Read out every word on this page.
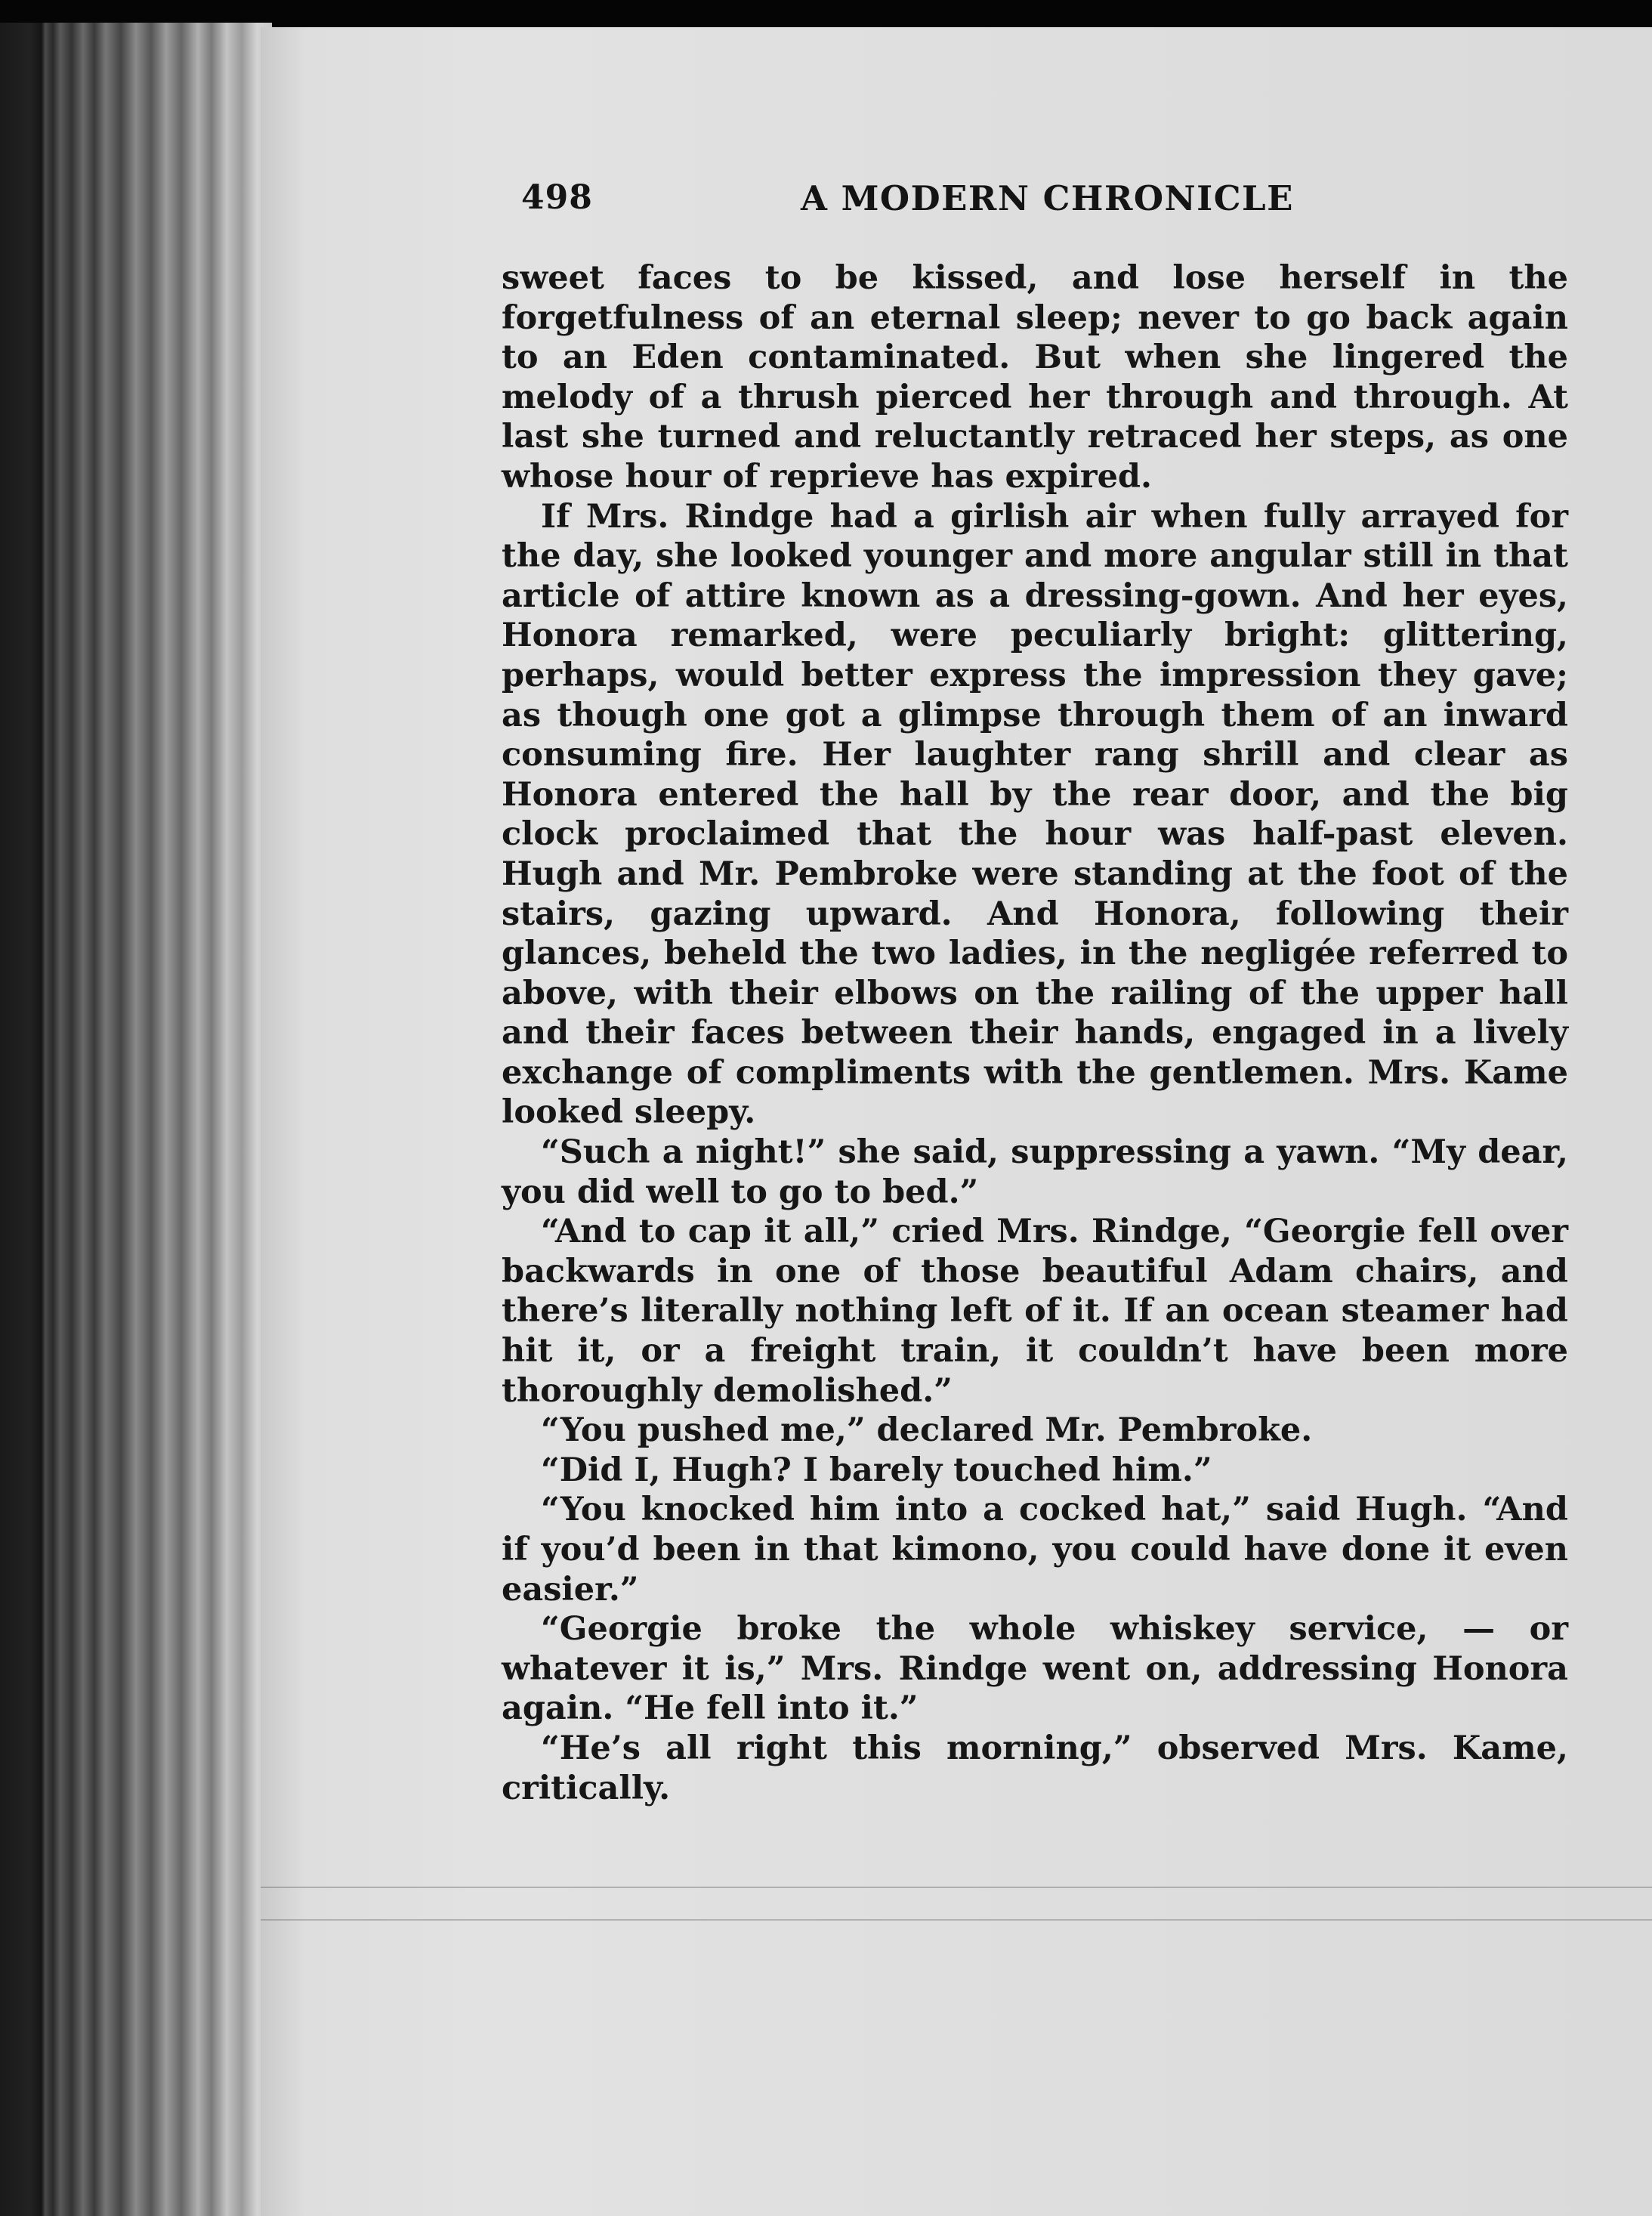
498	A MODERN CHRONICLE

sweet faces to be kissed, and lose herself in the forgetfulness of an eternal sleep; never to go back again to an Eden contaminated. But when she lingered the melody of a thrush pierced her through and through. At last she turned and reluctantly retraced her steps, as one whose hour of reprieve has expired.

If Mrs. Rindge had a girlish air when fully arrayed for the day, she looked younger and more angular still in that article of attire known as a dressing-gown. And her eyes, Honora remarked, were peculiarly bright: glittering, perhaps, would better express the impression they gave; as though one got a glimpse through them of an inward consuming fire. Her laughter rang shrill and clear as Honora entered the hall by the rear door, and the big clock proclaimed that the hour was half-past eleven. Hugh and Mr. Pembroke were standing at the foot of the stairs, gazing upward. And Honora, following their glances, beheld the two ladies, in the negligée referred to above, with their elbows on the railing of the upper hall and their faces between their hands, engaged in a lively exchange of compliments with the gentlemen. Mrs. Kame looked sleepy.

“Such a night!” she said, suppressing a yawn. “My dear, you did well to go to bed.”

“And to cap it all,” cried Mrs. Rindge, “Georgie fell over backwards in one of those beautiful Adam chairs, and there’s literally nothing left of it. If an ocean steamer had hit it, or a freight train, it couldn’t have been more thoroughly demolished.”

“You pushed me,” declared Mr. Pembroke.

“Did I, Hugh? I barely touched him.”

“You knocked him into a cocked hat,” said Hugh. “And if you’d been in that kimono, you could have done it even easier.”

“Georgie broke the whole whiskey service, — or whatever it is,” Mrs. Rindge went on, addressing Honora again. “He fell into it.”

“He’s all right this morning,” observed Mrs. Kame, critically.
